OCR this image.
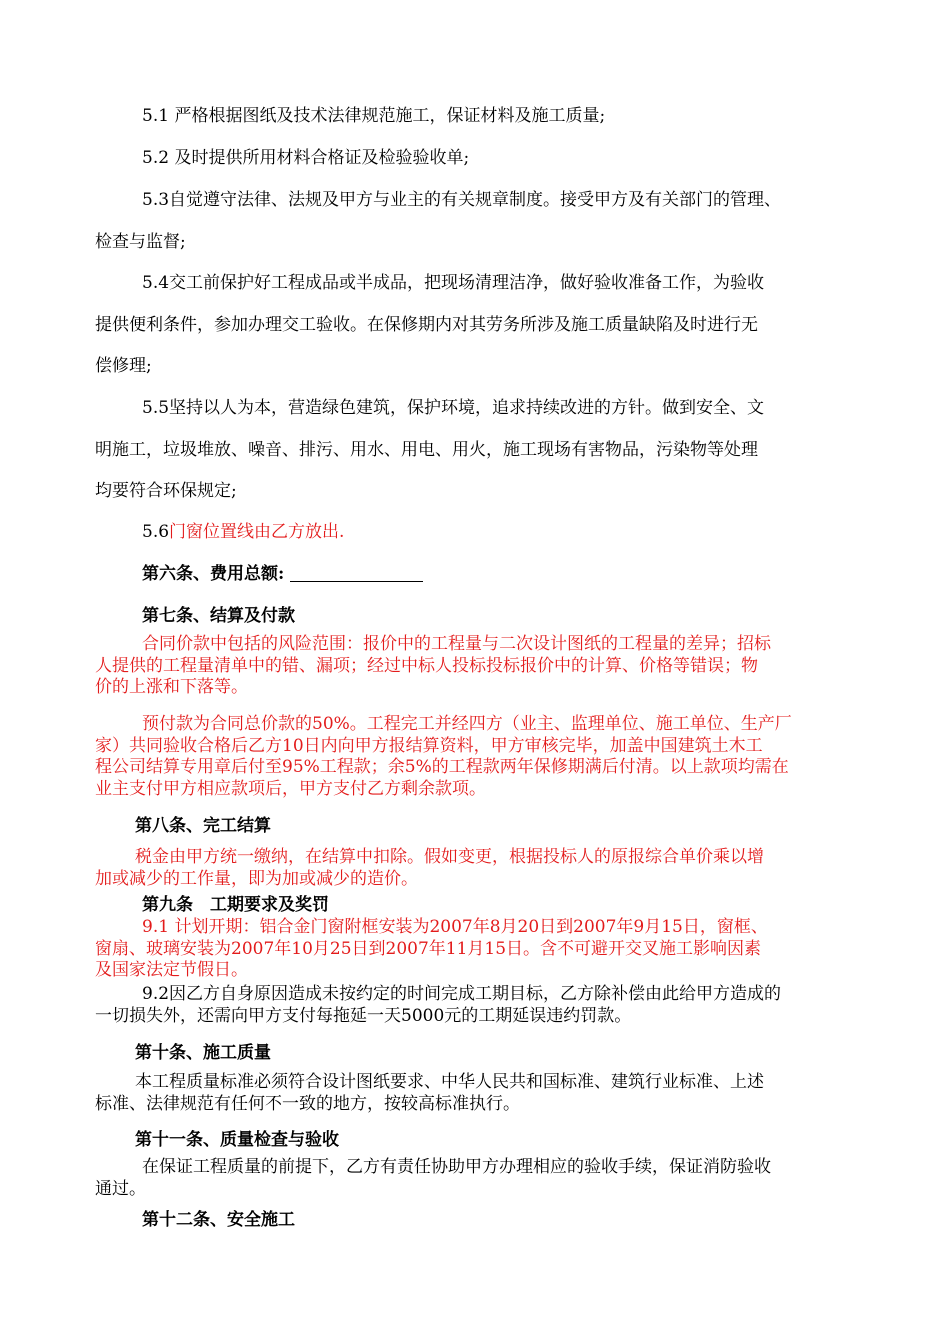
5.1 严格根据图纸及技术法律规范施工，保证材料及施工质量;
5.2 及时提供所用材料合格证及检验验收单;
5.3自觉遵守法律、法规及甲方与业主的有关规章制度。接受甲方及有关部门的管理、
检查与监督;
5.4交工前保护好工程成品或半成品，把现场清理洁净，做好验收准备工作，为验收
提供便利条件，参加办理交工验收。在保修期内对其劳务所涉及施工质量缺陷及时进行无
偿修理;
5.5坚持以人为本，营造绿色建筑，保护环境，追求持续改进的方针。做到安全、文
明施工，垃圾堆放、噪音、排污、用水、用电、用火，施工现场有害物品，污染物等处理
均要符合环保规定;
5.6门窗位置线由乙方放出.
第六条、费用总额:
第七条、结算及付款
合同价款中包括的风险范围：报价中的工程量与二次设计图纸的工程量的差异；招标
人提供的工程量清单中的错、漏项；经过中标人投标投标报价中的计算、价格等错误；物
价的上涨和下落等。
预付款为合同总价款的50%。工程完工并经四方（业主、监理单位、施工单位、生产厂
家）共同验收合格后乙方10日内向甲方报结算资料，甲方审核完毕，加盖中国建筑土木工
程公司结算专用章后付至95%工程款；余5%的工程款两年保修期满后付清。以上款项均需在
业主支付甲方相应款项后，甲方支付乙方剩余款项。
第八条、完工结算
税金由甲方统一缴纳，在结算中扣除。假如变更，根据投标人的原报综合单价乘以增
加或减少的工作量，即为加或减少的造价。
第九条　工期要求及奖罚
9.1 计划开期：铝合金门窗附框安装为2007年8月20日到2007年9月15日，窗框、
窗扇、玻璃安装为2007年10月25日到2007年11月15日。含不可避开交叉施工影响因素
及国家法定节假日。
9.2因乙方自身原因造成未按约定的时间完成工期目标，乙方除补偿由此给甲方造成的
一切损失外，还需向甲方支付每拖延一天5000元的工期延误违约罚款。
第十条、施工质量
本工程质量标准必须符合设计图纸要求、中华人民共和国标准、建筑行业标准、上述
标准、法律规范有任何不一致的地方，按较高标准执行。
第十一条、质量检查与验收
在保证工程质量的前提下，乙方有责任协助甲方办理相应的验收手续，保证消防验收
通过。
第十二条、安全施工
